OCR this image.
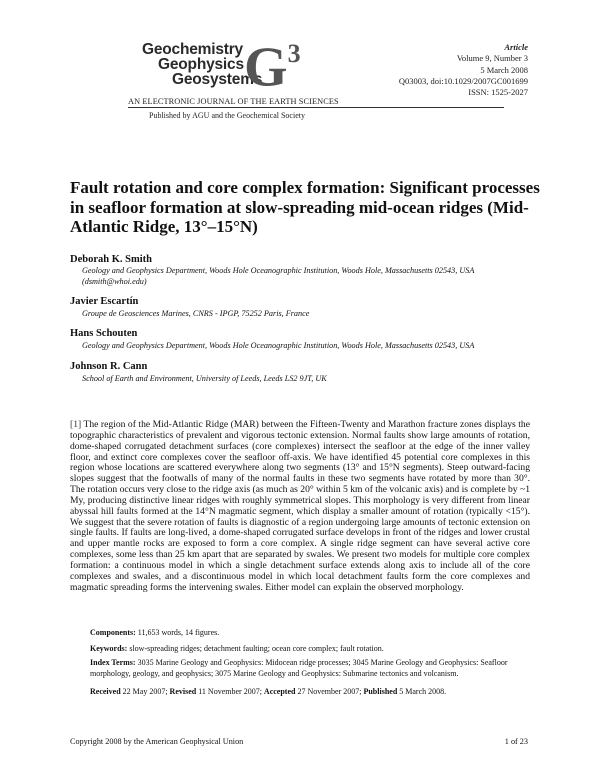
Geochemistry
Geophysics
Geosystems
$G^3$
AN ELECTRONIC JOURNAL OF THE EARTH SCIENCES
Published by AGU and the Geochemical Society
Article
Volume 9, Number 3
5 March 2008
Q03003, doi:10.1029/2007GC001699
ISSN: 1525-2027
Fault rotation and core complex formation: Significant processes in seafloor formation at slow-spreading mid-ocean ridges (Mid-Atlantic Ridge, 13°–15°N)
Deborah K. Smith
Geology and Geophysics Department, Woods Hole Oceanographic Institution, Woods Hole, Massachusetts 02543, USA
(dsmith@whoi.edu)
Javier Escartín
Groupe de Geosciences Marines, CNRS - IPGP, 75252 Paris, France
Hans Schouten
Geology and Geophysics Department, Woods Hole Oceanographic Institution, Woods Hole, Massachusetts 02543, USA
Johnson R. Cann
School of Earth and Environment, University of Leeds, Leeds LS2 9JT, UK
[1] The region of the Mid-Atlantic Ridge (MAR) between the Fifteen-Twenty and Marathon fracture zones displays the topographic characteristics of prevalent and vigorous tectonic extension. Normal faults show large amounts of rotation, dome-shaped corrugated detachment surfaces (core complexes) intersect the seafloor at the edge of the inner valley floor, and extinct core complexes cover the seafloor off-axis. We have identified 45 potential core complexes in this region whose locations are scattered everywhere along two segments (13° and 15°N segments). Steep outward-facing slopes suggest that the footwalls of many of the normal faults in these two segments have rotated by more than 30°. The rotation occurs very close to the ridge axis (as much as 20° within 5 km of the volcanic axis) and is complete by ~1 My, producing distinctive linear ridges with roughly symmetrical slopes. This morphology is very different from linear abyssal hill faults formed at the 14°N magmatic segment, which display a smaller amount of rotation (typically <15°). We suggest that the severe rotation of faults is diagnostic of a region undergoing large amounts of tectonic extension on single faults. If faults are long-lived, a dome-shaped corrugated surface develops in front of the ridges and lower crustal and upper mantle rocks are exposed to form a core complex. A single ridge segment can have several active core complexes, some less than 25 km apart that are separated by swales. We present two models for multiple core complex formation: a continuous model in which a single detachment surface extends along axis to include all of the core complexes and swales, and a discontinuous model in which local detachment faults form the core complexes and magmatic spreading forms the intervening swales. Either model can explain the observed morphology.
Components: 11,653 words, 14 figures.
Keywords: slow-spreading ridges; detachment faulting; ocean core complex; fault rotation.
Index Terms: 3035 Marine Geology and Geophysics: Midocean ridge processes; 3045 Marine Geology and Geophysics: Seafloor morphology, geology, and geophysics; 3075 Marine Geology and Geophysics: Submarine tectonics and volcanism.
Received 22 May 2007; Revised 11 November 2007; Accepted 27 November 2007; Published 5 March 2008.
Copyright 2008 by the American Geophysical Union	1 of 23
